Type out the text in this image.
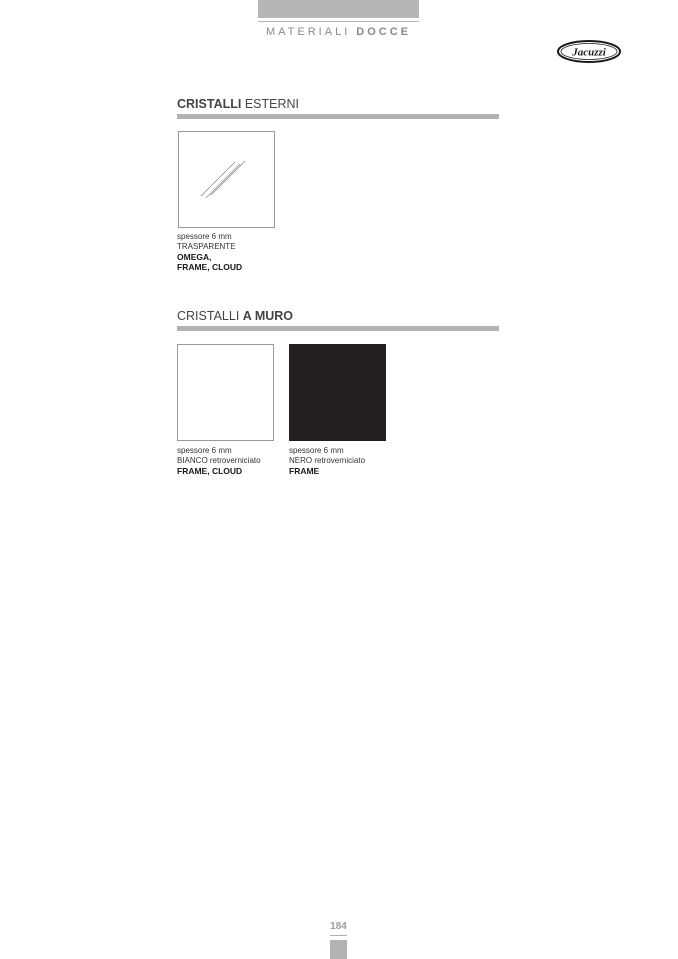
MATERIALI DOCCE
Jacuzzi
CRISTALLI ESTERNI
spessore 6 mm
TRASPARENTE
OMEGA,
FRAME, CLOUD
CRISTALLI A MURO
spessore 6 mm
BIANCO retroverniciato
FRAME, CLOUD
spessore 6 mm
NERO retroverniciato
FRAME
184
